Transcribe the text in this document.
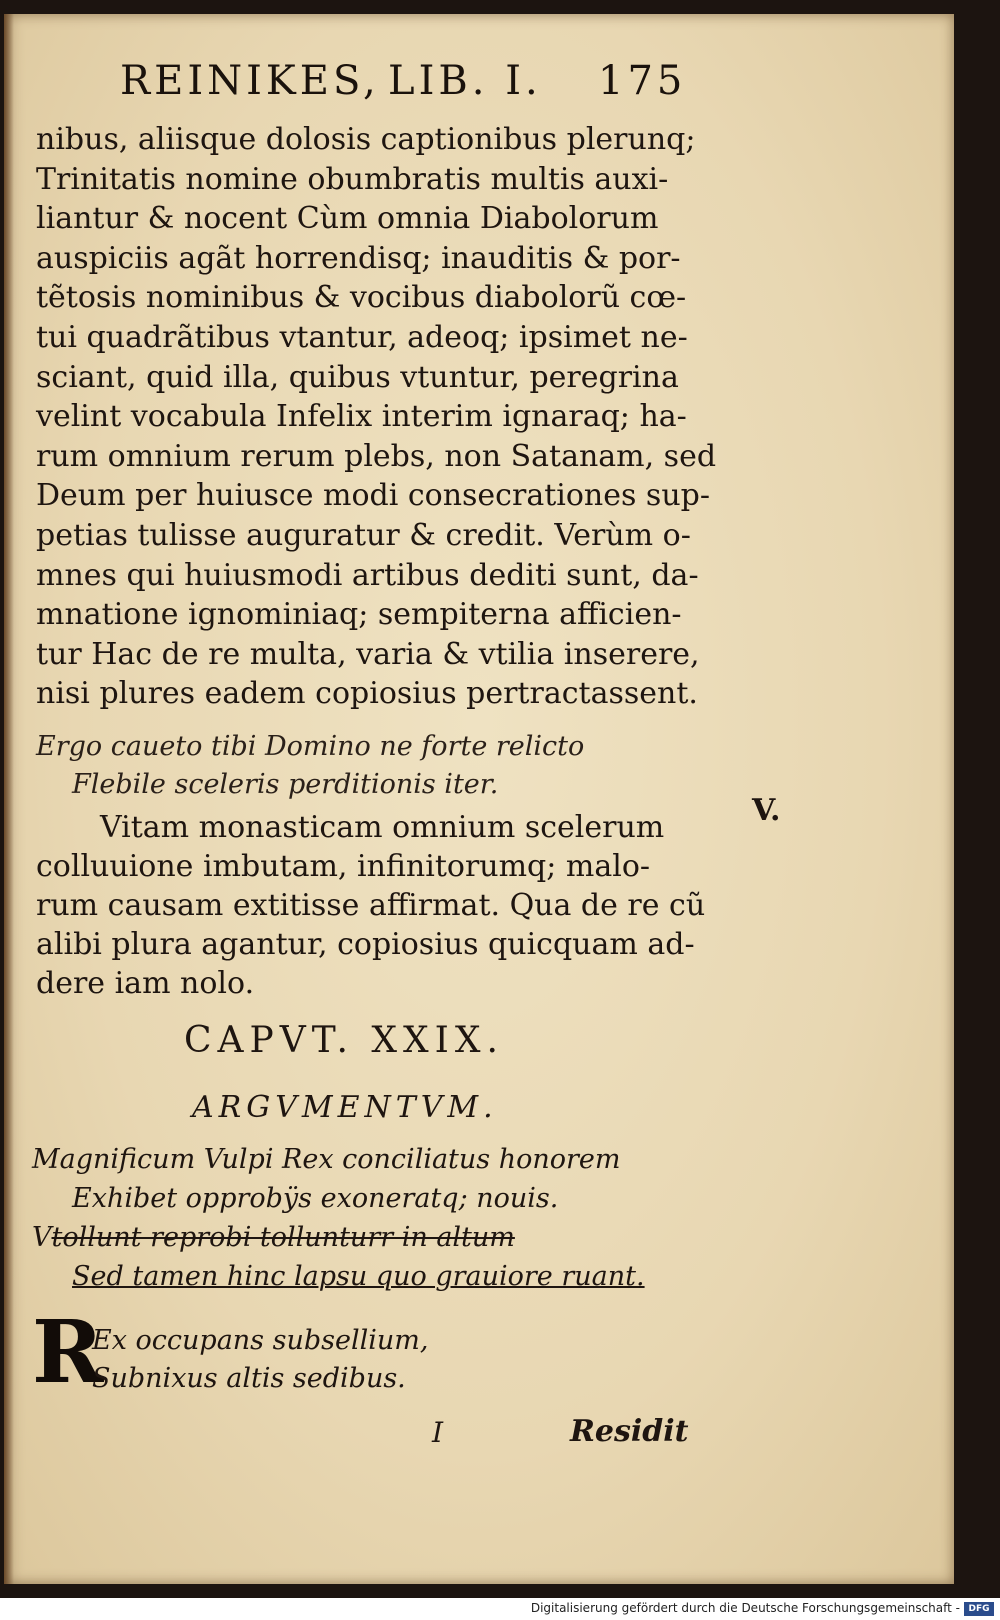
REINIKES, LIB. I. 175
nibus, aliisque dolosis captionibus plerunq;
Trinitatis nomine obumbratis multis auxi-
liantur & nocent Cùm omnia Diabolorum
auspiciis agãt horrendisq; inauditis & por-
tẽtosis nominibus & vocibus diabolorũ cœ-
tui quadrãtibus vtantur, adeoq; ipsimet ne-
sciant, quid illa, quibus vtuntur, peregrina
velint vocabula Infelix interim ignaraq; ha-
rum omnium rerum plebs, non Satanam, sed
Deum per huiusce modi consecrationes sup-
petias tulisse auguratur & credit. Verùm o-
mnes qui huiusmodi artibus dediti sunt, da-
mnatione ignominiaq; sempiterna afficien-
tur Hac de re multa, varia & vtilia inserere,
nisi plures eadem copiosius pertractassent.
Ergo caueto tibi Domino ne forte relicto
Flebile sceleris perditionis iter.
V.
Vitam monasticam omnium scelerum
colluuione imbutam, infinitorumq; malo-
rum causam extitisse affirmat. Qua de re cũ
alibi plura agantur, copiosius quicquam ad-
dere iam nolo.
CAPVT. XXIX.
ARGVMENTVM.
Magnificum Vulpi Rex conciliatus honorem
Exhibet opprobÿs exoneratq; nouis.
Vtollunt reprobi tollunturr in altum
Sed tamen hinc lapsu quo grauiore ruant.
R
Ex occupans subsellium,
Subnixus altis sedibus.
I	Residit
Digitalisierung gefördert durch die Deutsche Forschungsgemeinschaft - DFG
